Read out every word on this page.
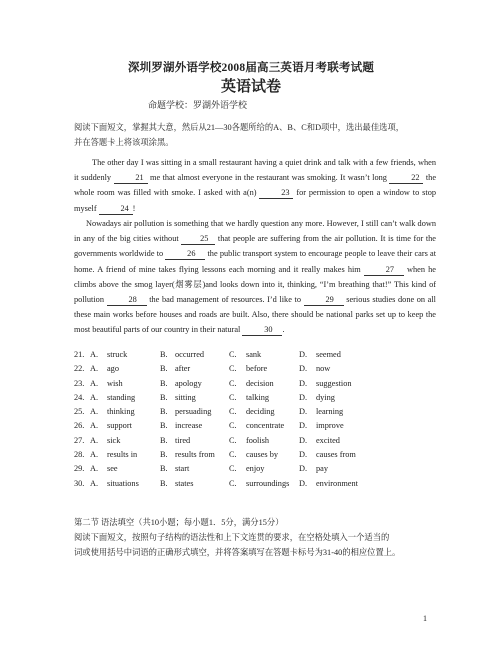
深圳罗湖外语学校2008届高三英语月考联考试题
英语试卷
命题学校：罗湖外语学校
阅读下面短文，掌握其大意，然后从21—30各题所给的A、B、C和D项中，选出最佳选项，
并在答题卡上将该项涂黑。
The other day I was sitting in a small restaurant having a quiet drink and talk with a few friends, when it suddenly	21 me that almost everyone in the restaurant was smoking. It wasn’t long	22 the whole room was filled with smoke. I asked with a(n)	23 for permission to open a window to stop myself	24 !
Nowadays air pollution is something that we hardly question any more. However, I still can’t walk down in any of the big cities without 25 that people are suffering from the air pollution. It is time for the governments worldwide to	26 the public transport system to encourage people to leave their cars at home. A friend of mine takes flying lessons each morning and it really makes him	27 when he climbs above the smog layer(烟雾层)and looks down into it, thinking, “I’m breathing that!” This kind of pollution	28 the bad management of resources. I’d like to	29 serious studies done on all these main works before houses and roads are built. Also, there should be national parks set up to keep the most beautiful parts of our country in their natural	30 .
21. A. struck	B. occurred	C. sank	D. seemed
22. A. ago	B. after	C. before	D. now
23. A. wish	B. apology	C. decision	D. suggestion
24. A. standing	B. sitting	C. talking	D. dying
25. A. thinking	B. persuading C. deciding	D. learning
26. A. support	B. increase	C. concentrate D. improve
27. A. sick	B. tired	C. foolish	D. excited
28. A. results in	B. results from C. causes by	D. causes from
29. A. see	B. start	C. enjoy	D. pay
30. A. situations	B. states	C. surroundings D. environment
第二节 语法填空（共10小题；每小题1．5分，满分15分）
阅读下面短文，按照句子结构的语法性和上下文连贯的要求，在空格处填入一个适当的
词或使用括号中词语的正确形式填空，并将答案填写在答题卡标号为31-40的相应位置上。
1
